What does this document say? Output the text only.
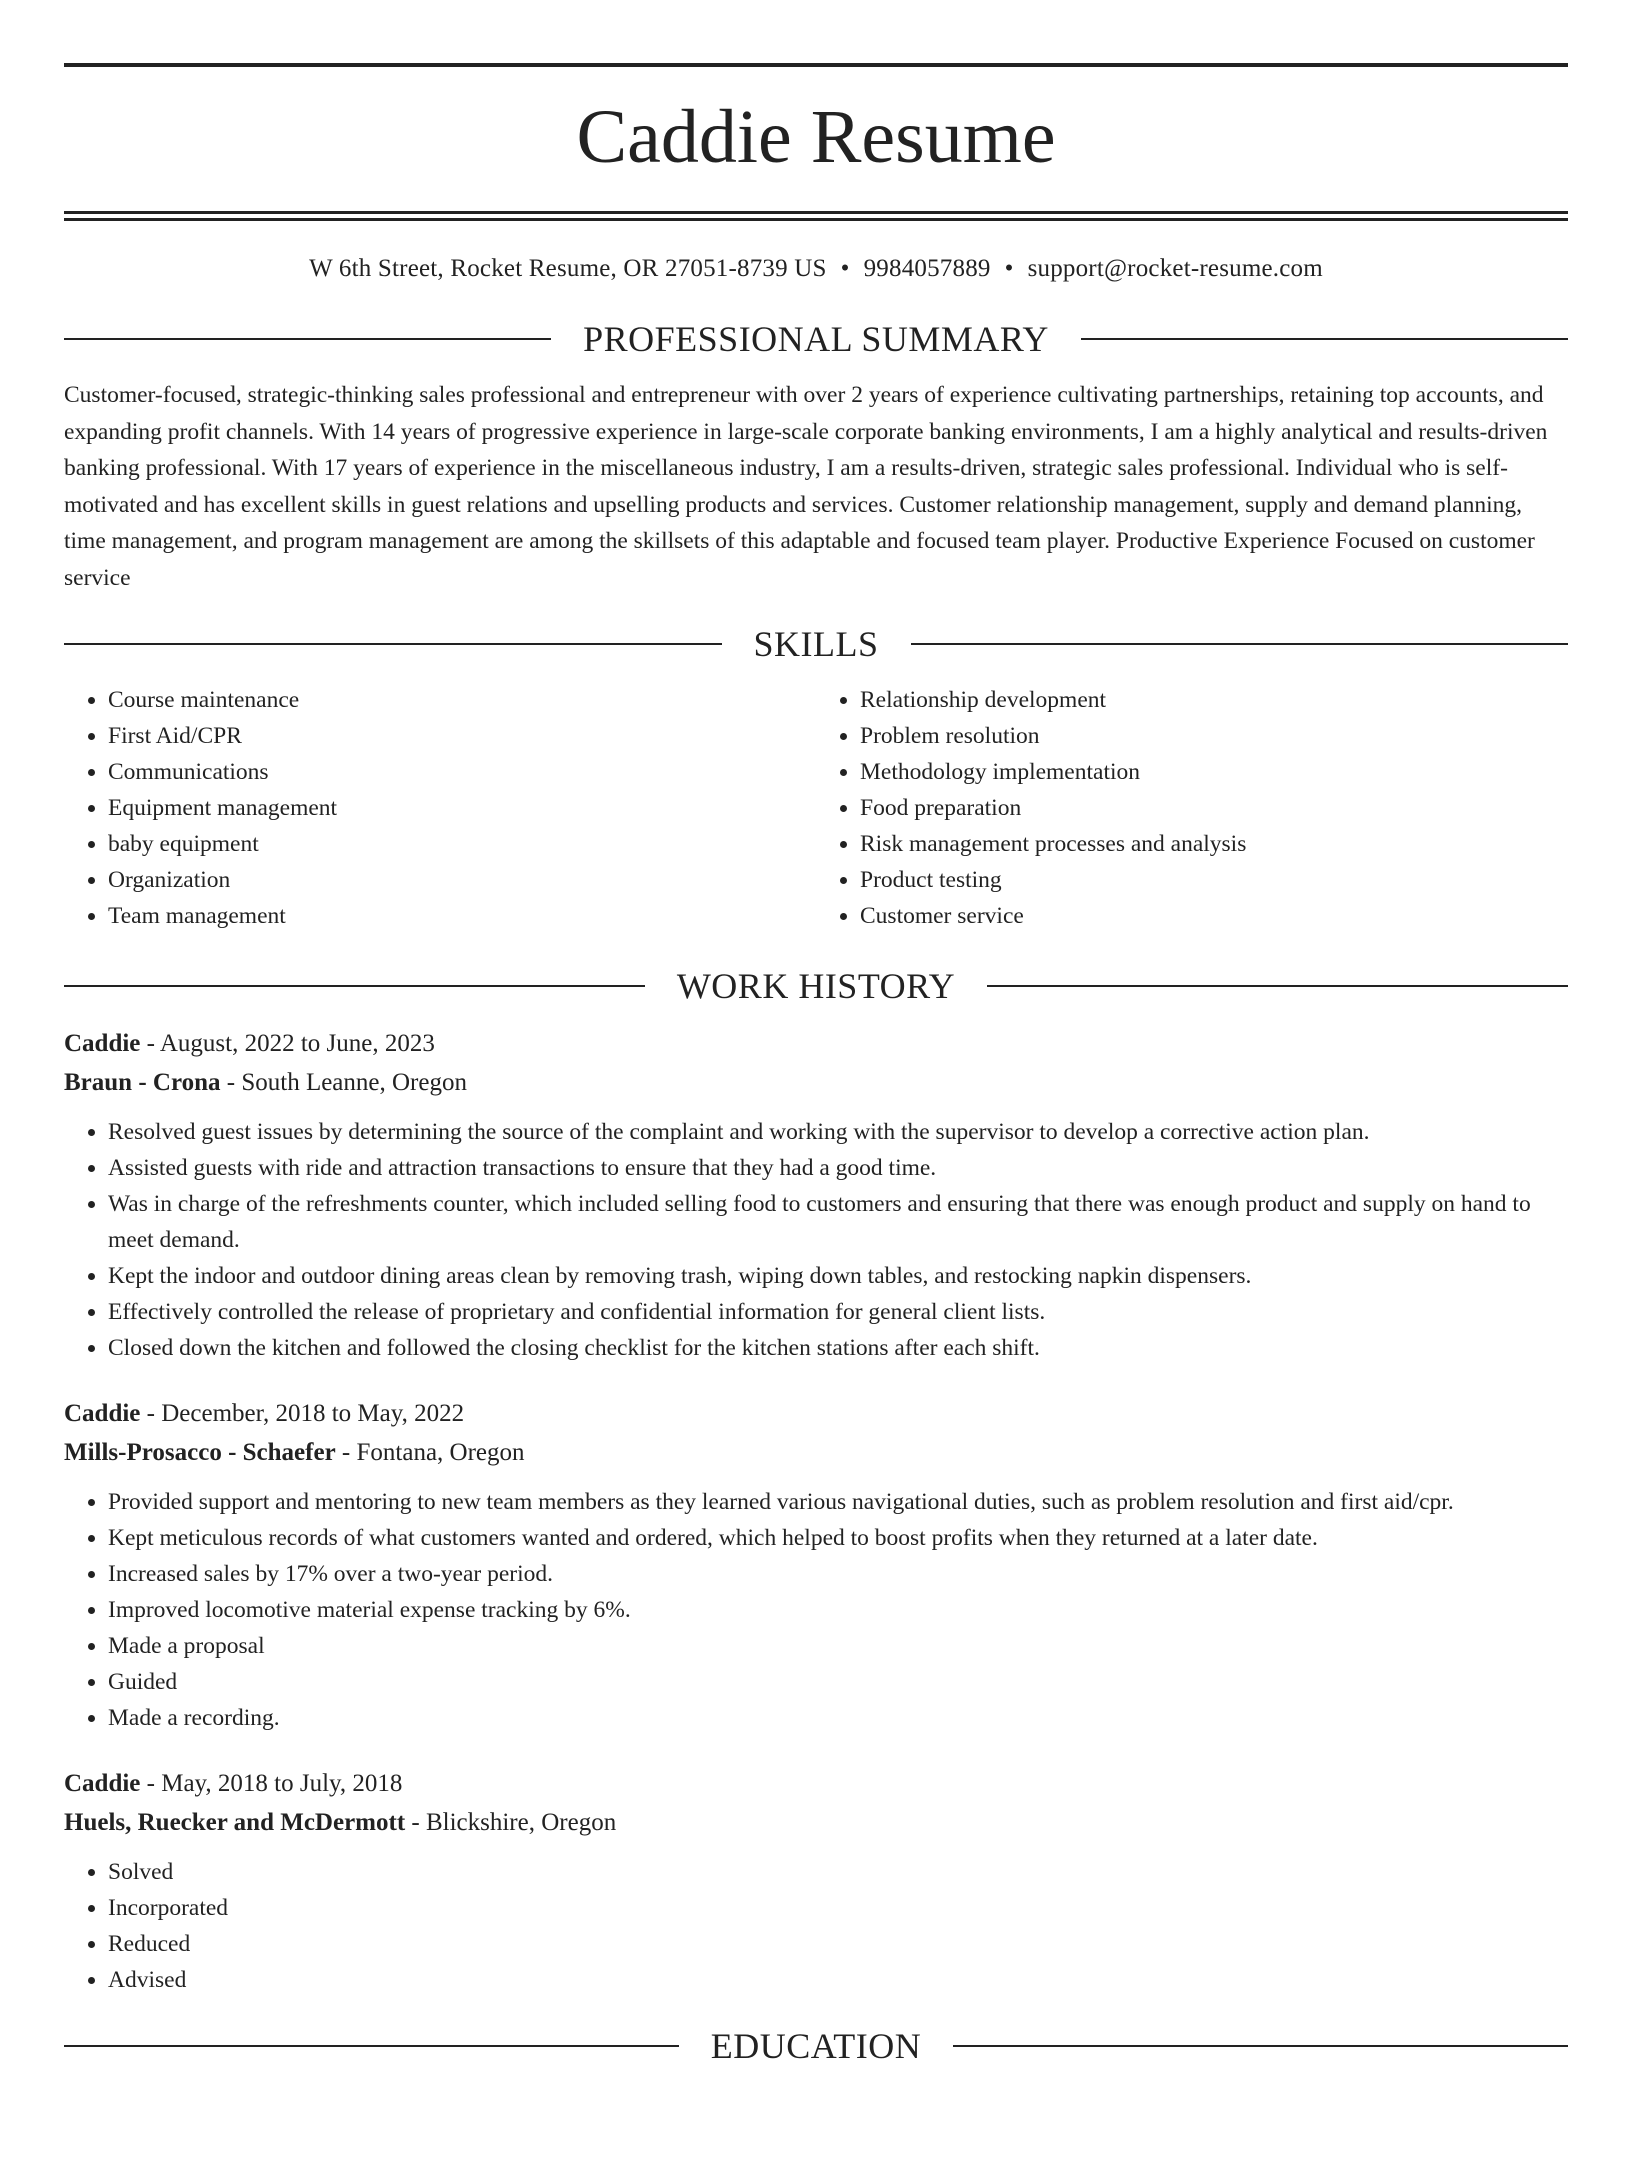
Caddie Resume
W 6th Street, Rocket Resume, OR 27051-8739 US • 9984057889 • support@rocket-resume.com
PROFESSIONAL SUMMARY

Customer-focused, strategic-thinking sales professional and entrepreneur with over 2 years of experience cultivating partnerships, retaining top accounts, and expanding profit channels. With 14 years of progressive experience in large-scale corporate banking environments, I am a highly analytical and results-driven banking professional. With 17 years of experience in the miscellaneous industry, I am a results-driven, strategic sales professional. Individual who is self-motivated and has excellent skills in guest relations and upselling products and services. Customer relationship management, supply and demand planning, time management, and program management are among the skillsets of this adaptable and focused team player. Productive Experience Focused on customer service

SKILLS
• Course maintenance
• First Aid/CPR
• Communications
• Equipment management
• baby equipment
• Organization
• Team management
• Relationship development
• Problem resolution
• Methodology implementation
• Food preparation
• Risk management processes and analysis
• Product testing
• Customer service
WORK HISTORY
Caddie - August, 2022 to June, 2023
Braun - Crona - South Leanne, Oregon
• Resolved guest issues by determining the source of the complaint and working with the supervisor to develop a corrective action plan.
• Assisted guests with ride and attraction transactions to ensure that they had a good time.
• Was in charge of the refreshments counter, which included selling food to customers and ensuring that there was enough product and supply on hand to meet demand.
• Kept the indoor and outdoor dining areas clean by removing trash, wiping down tables, and restocking napkin dispensers.
• Effectively controlled the release of proprietary and confidential information for general client lists.
• Closed down the kitchen and followed the closing checklist for the kitchen stations after each shift.
Caddie - December, 2018 to May, 2022
Mills-Prosacco - Schaefer - Fontana, Oregon
• Provided support and mentoring to new team members as they learned various navigational duties, such as problem resolution and first aid/cpr.
• Kept meticulous records of what customers wanted and ordered, which helped to boost profits when they returned at a later date.
• Increased sales by 17% over a two-year period.
• Improved locomotive material expense tracking by 6%.
• Made a proposal
• Guided
• Made a recording.
Caddie - May, 2018 to July, 2018
Huels, Ruecker and McDermott - Blickshire, Oregon
• Solved
• Incorporated
• Reduced
• Advised
EDUCATION
